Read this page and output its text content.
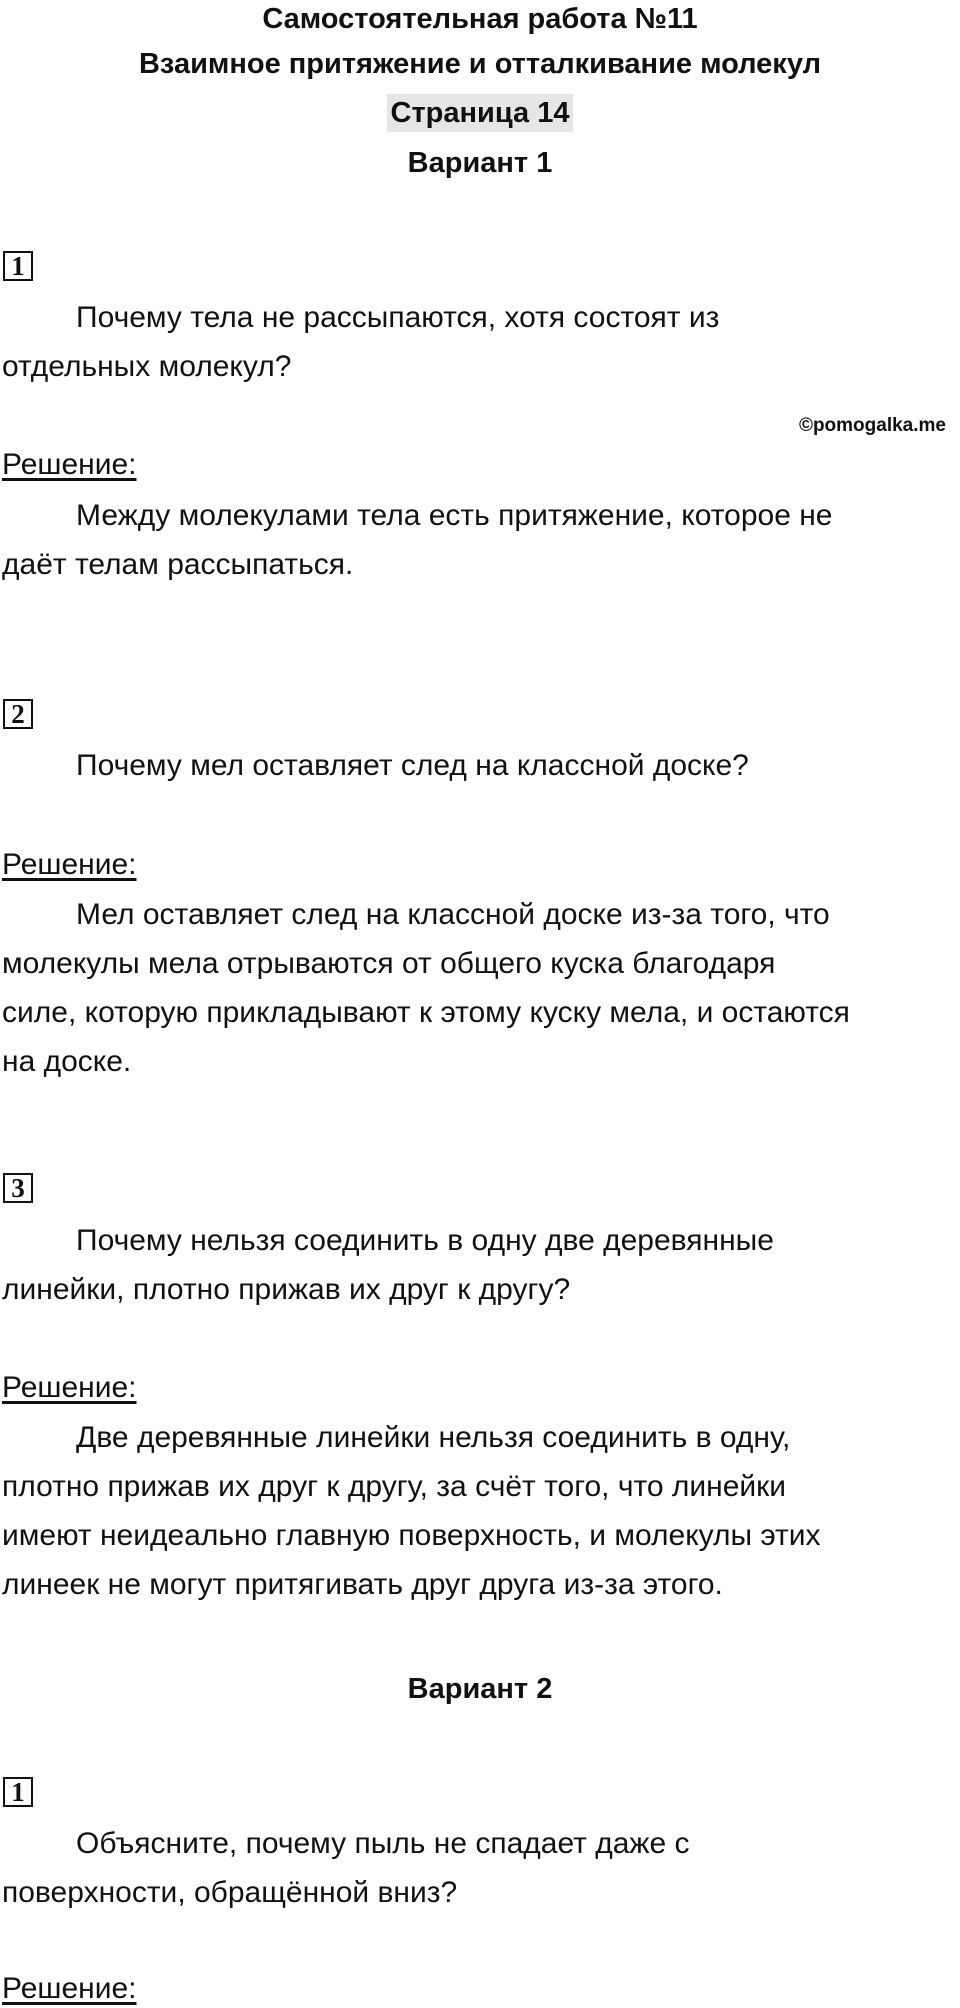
Самостоятельная работа №11
Взаимное притяжение и отталкивание молекул
Страница 14
Вариант 1
1
Почему тела не рассыпаются, хотя состоят из
отдельных молекул?
©pomogalka.me
Решение:
Между молекулами тела есть притяжение, которое не
даёт телам рассыпаться.
2
Почему мел оставляет след на классной доске?
Решение:
Мел оставляет след на классной доске из-за того, что
молекулы мела отрываются от общего куска благодаря
силе, которую прикладывают к этому куску мела, и остаются
на доске.
3
Почему нельзя соединить в одну две деревянные
линейки, плотно прижав их друг к другу?
Решение:
Две деревянные линейки нельзя соединить в одну,
плотно прижав их друг к другу, за счёт того, что линейки
имеют неидеально главную поверхность, и молекулы этих
линеек не могут притягивать друг друга из-за этого.
Вариант 2
1
Объясните, почему пыль не спадает даже с
поверхности, обращённой вниз?
Решение:
